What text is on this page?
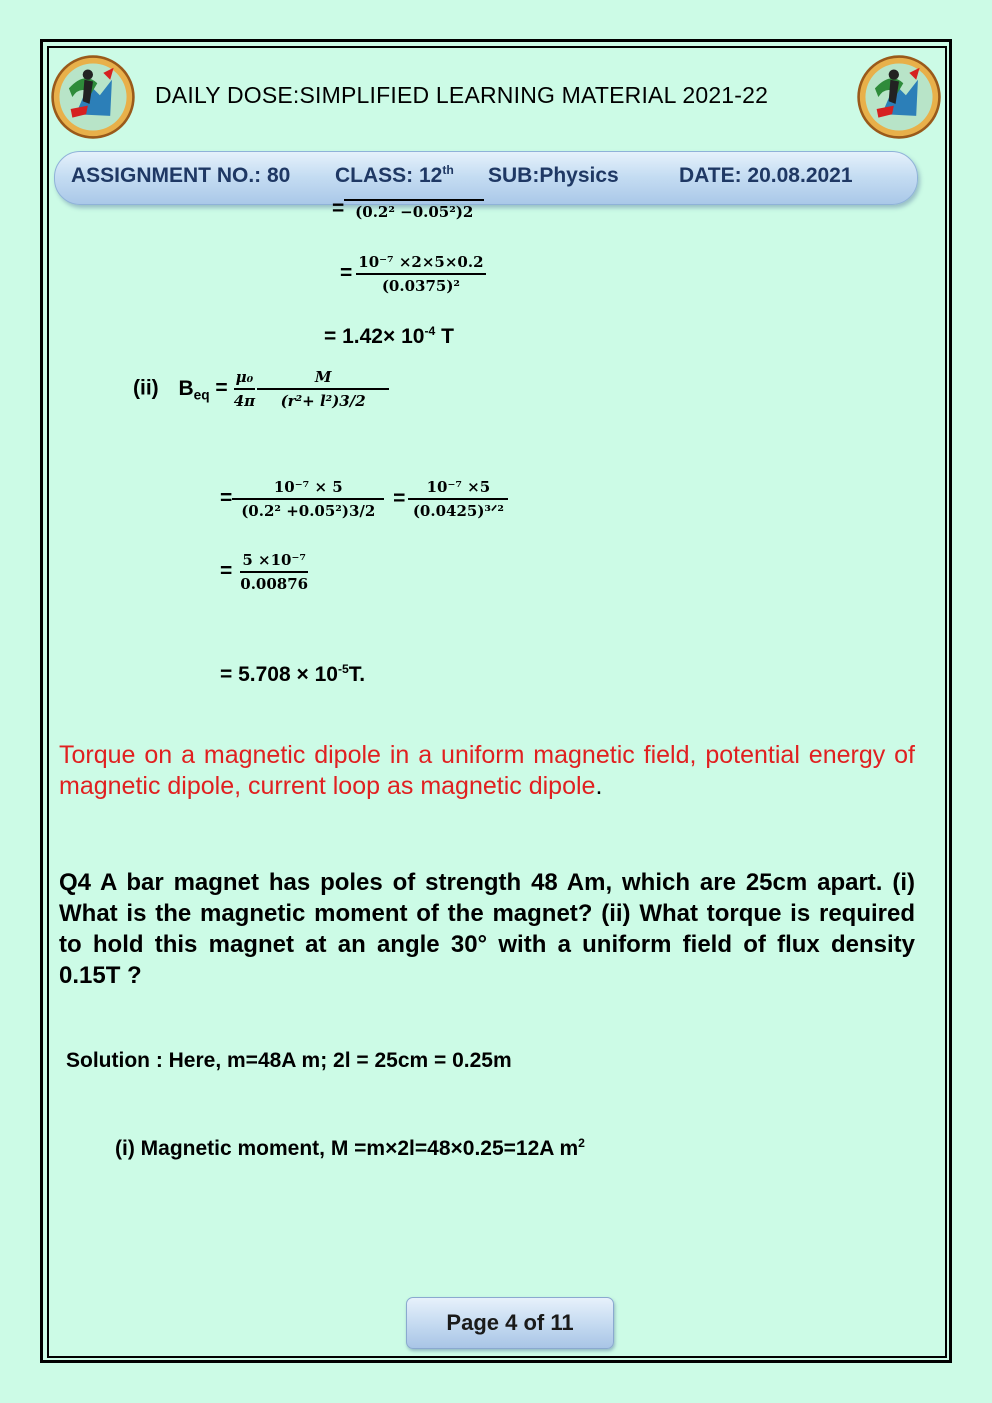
DAILY DOSE:SIMPLIFIED LEARNING MATERIAL 2021-22
ASSIGNMENT NO.: 80 CLASS: 12th SUB:Physics	DATE: 20.08.2021
= (0.2² −0.05²)2
= $\frac{\text{10⁻⁷ ×2×5×0.2}}{\text{(0.0375)²}}$
= $1.42\times 10^{-4}$ T
(ii) $B_{eq} = \frac{\text{μ₀}}{4\pi} \frac{M}{\text{(r²+ l²)3/2}}$
= $\frac{\text{10⁻⁷ × 5}}{\text{(0.2² +0.05²)3/2}} = \frac{\text{10⁻⁷ ×5}}{\text{(0.0425)³ᐟ²}}$
= $\frac{\text{5 ×10⁻⁷}}{0.00876}$
= $5.708 \times 10^{-5}T$.
Torque on a magnetic dipole in a uniform magnetic field, potential energy of magnetic dipole, current loop as magnetic dipole.
Q4 A bar magnet has poles of strength 48 Am, which are 25cm apart. (i) What is the magnetic moment of the magnet? (ii) What torque is required to hold this magnet at an angle 30° with a uniform field of flux density 0.15T ?
Solution : Here, m=48A m; 2l = 25cm = 0.25m
(i) Magnetic moment, M =m×2l=48×0.25=12A $m^2$
Page 4 of 11
